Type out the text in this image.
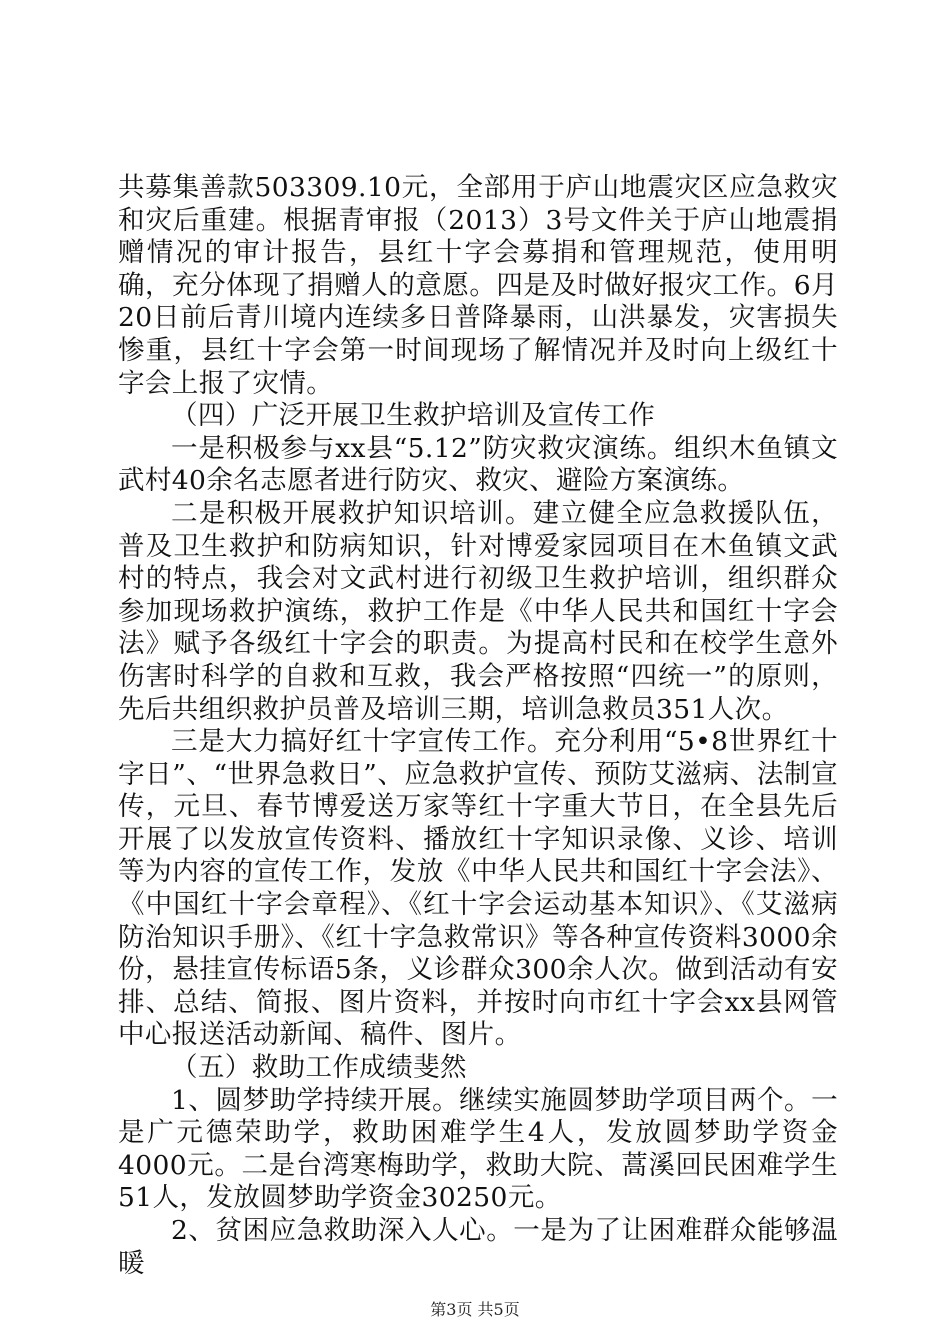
共募集善款503309.10元，全部用于庐山地震灾区应急救灾和灾后重建。根据青审报（2013）3号文件关于庐山地震捐赠情况的审计报告，县红十字会募捐和管理规范，使用明确，充分体现了捐赠人的意愿。四是及时做好报灾工作。6月20日前后青川境内连续多日普降暴雨，山洪暴发，灾害损失惨重，县红十字会第一时间现场了解情况并及时向上级红十字会上报了灾情。

（四）广泛开展卫生救护培训及宣传工作

一是积极参与xx县“5.12”防灾救灾演练。组织木鱼镇文武村40余名志愿者进行防灾、救灾、避险方案演练。

二是积极开展救护知识培训。建立健全应急救援队伍，普及卫生救护和防病知识，针对博爱家园项目在木鱼镇文武村的特点，我会对文武村进行初级卫生救护培训，组织群众参加现场救护演练，救护工作是《中华人民共和国红十字会法》赋予各级红十字会的职责。为提高村民和在校学生意外伤害时科学的自救和互救，我会严格按照“四统一”的原则，先后共组织救护员普及培训三期，培训急救员351人次。

三是大力搞好红十字宣传工作。充分利用“5•8世界红十字日”、“世界急救日”、应急救护宣传、预防艾滋病、法制宣传，元旦、春节博爱送万家等红十字重大节日，在全县先后开展了以发放宣传资料、播放红十字知识录像、义诊、培训等为内容的宣传工作，发放《中华人民共和国红十字会法》、《中国红十字会章程》、《红十字会运动基本知识》、《艾滋病防治知识手册》、《红十字急救常识》等各种宣传资料3000余份，悬挂宣传标语5条，义诊群众300余人次。做到活动有安排、总结、简报、图片资料，并按时向市红十字会xx县网管中心报送活动新闻、稿件、图片。

（五）救助工作成绩斐然

1、圆梦助学持续开展。继续实施圆梦助学项目两个。一是广元德荣助学，救助困难学生4人，发放圆梦助学资金4000元。二是台湾寒梅助学，救助大院、蒿溪回民困难学生51人，发放圆梦助学资金30250元。

2、贫困应急救助深入人心。一是为了让困难群众能够温暖

第3页 共5页
